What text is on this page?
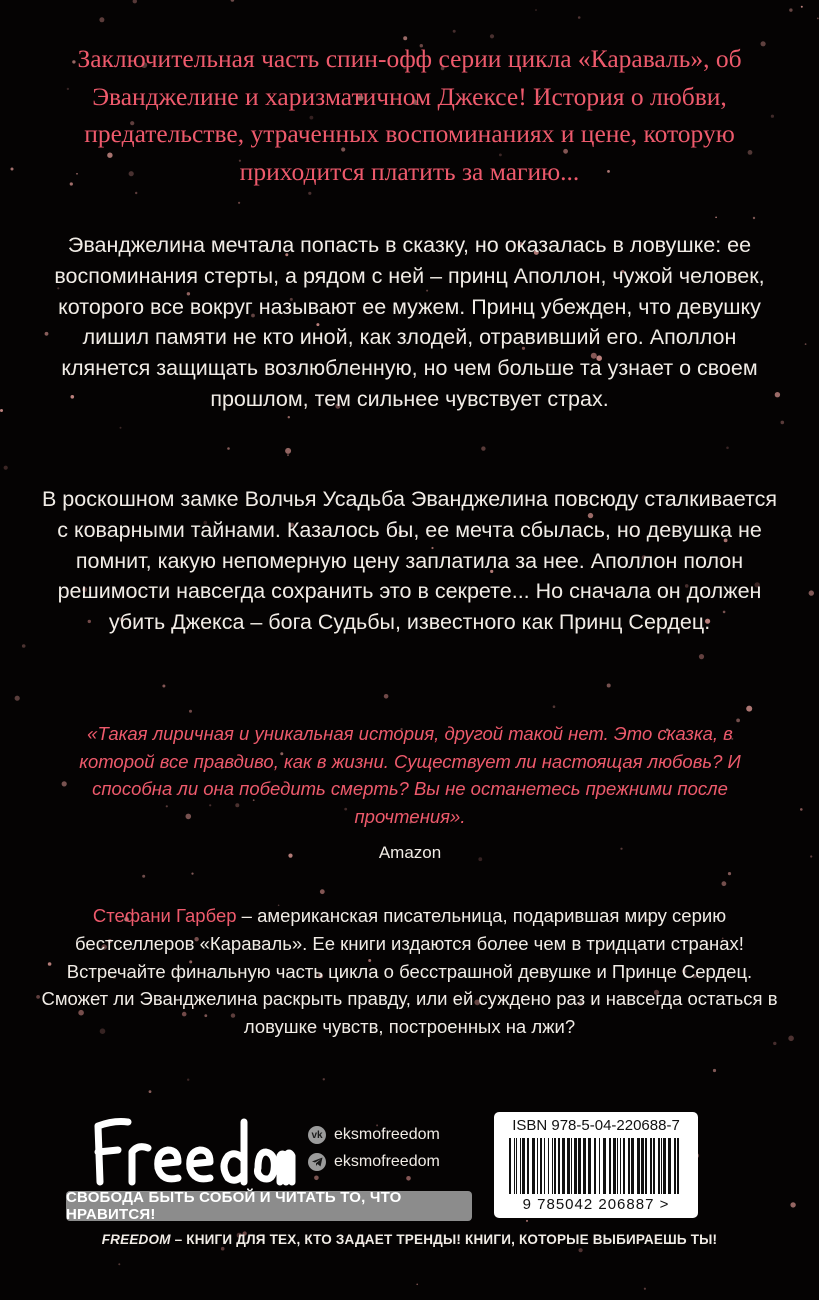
Заключительная часть спин-офф серии цикла «Караваль», об Эванджелине и харизматичном Джексе! История о любви, предательстве, утраченных воспоминаниях и цене, которую приходится платить за магию...
Эванджелина мечтала попасть в сказку, но оказалась в ловушке: ее воспоминания стерты, а рядом с ней – принц Аполлон, чужой человек, которого все вокруг называют ее мужем. Принц убежден, что девушку лишил памяти не кто иной, как злодей, отравивший его. Аполлон клянется защищать возлюбленную, но чем больше та узнает о своем прошлом, тем сильнее чувствует страх.
В роскошном замке Волчья Усадьба Эванджелина повсюду сталкивается с коварными тайнами. Казалось бы, ее мечта сбылась, но девушка не помнит, какую непомерную цену заплатила за нее. Аполлон полон решимости навсегда сохранить это в секрете... Но сначала он должен убить Джекса – бога Судьбы, известного как Принц Сердец.
«Такая лиричная и уникальная история, другой такой нет. Это сказка, в которой все правдиво, как в жизни. Существует ли настоящая любовь? И способна ли она победить смерть? Вы не останетесь прежними после прочтения».
Amazon
Стефани Гарбер – американская писательница, подарившая миру серию бестселлеров «Караваль». Ее книги издаются более чем в тридцати странах! Встречайте финальную часть цикла о бесстрашной девушке и Принце Сердец. Сможет ли Эванджелина раскрыть правду, или ей суждено раз и навсегда остаться в ловушке чувств, построенных на лжи?
vk eksmofreedom
eksmofreedom
СВОБОДА БЫТЬ СОБОЙ И ЧИТАТЬ ТО, ЧТО НРАВИТСЯ!
ISBN 978-5-04-220688-7
9 785042 206887 >
FREEDOM – КНИГИ ДЛЯ ТЕХ, КТО ЗАДАЕТ ТРЕНДЫ! КНИГИ, КОТОРЫЕ ВЫБИРАЕШЬ ТЫ!
